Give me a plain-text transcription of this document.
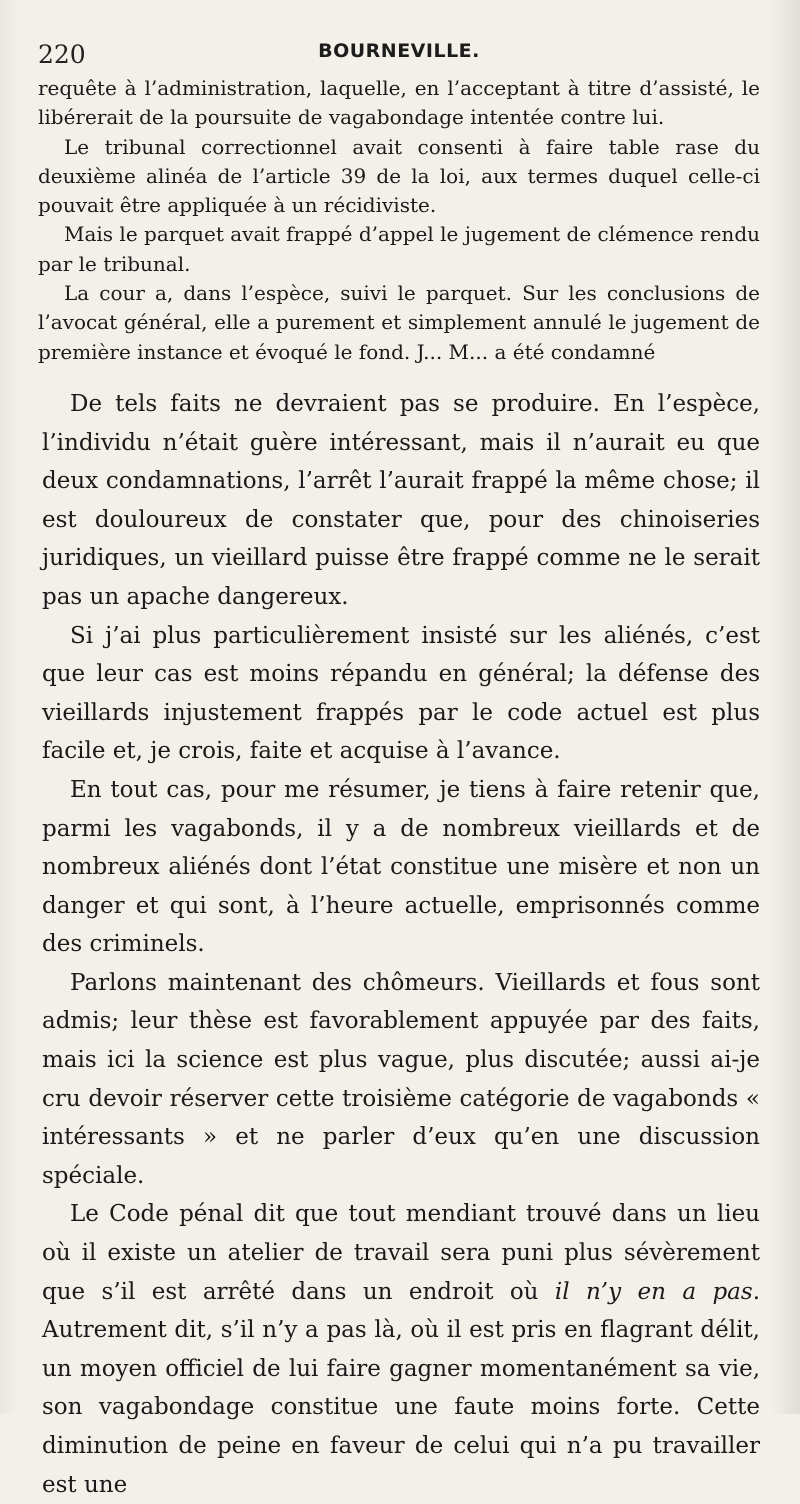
220	BOURNEVILLE.

requête à l’administration, laquelle, en l’acceptant à titre d’assisté, le libérerait de la poursuite de vagabondage intentée contre lui.

Le tribunal correctionnel avait consenti à faire table rase du deuxième alinéa de l’article 39 de la loi, aux termes duquel celle-ci pouvait être appliquée à un récidiviste.

Mais le parquet avait frappé d’appel le jugement de clémence rendu par le tribunal.

La cour a, dans l’espèce, suivi le parquet. Sur les conclusions de l’avocat général, elle a purement et simplement annulé le jugement de première instance et évoqué le fond. J... M... a été condamné

De tels faits ne devraient pas se produire. En l’espèce, l’individu n’était guère intéressant, mais il n’aurait eu que deux condamnations, l’arrêt l’aurait frappé la même chose; il est douloureux de constater que, pour des chinoiseries juridiques, un vieillard puisse être frappé comme ne le serait pas un apache dangereux.

Si j’ai plus particulièrement insisté sur les aliénés, c’est que leur cas est moins répandu en général; la défense des vieillards injustement frappés par le code actuel est plus facile et, je crois, faite et acquise à l’avance.

En tout cas, pour me résumer, je tiens à faire retenir que, parmi les vagabonds, il y a de nombreux vieillards et de nombreux aliénés dont l’état constitue une misère et non un danger et qui sont, à l’heure actuelle, emprisonnés comme des criminels.

Parlons maintenant des chômeurs. Vieillards et fous sont admis; leur thèse est favorablement appuyée par des faits, mais ici la science est plus vague, plus discutée; aussi ai-je cru devoir réserver cette troisième catégorie de vagabonds « intéressants » et ne parler d’eux qu’en une discussion spéciale.

Le Code pénal dit que tout mendiant trouvé dans un lieu où il existe un atelier de travail sera puni plus sévèrement que s’il est arrêté dans un endroit où il n’y en a pas. Autrement dit, s’il n’y a pas là, où il est pris en flagrant délit, un moyen officiel de lui faire gagner momentanément sa vie, son vagabondage constitue une faute moins forte. Cette diminution de peine en faveur de celui qui n’a pu travailler est une
